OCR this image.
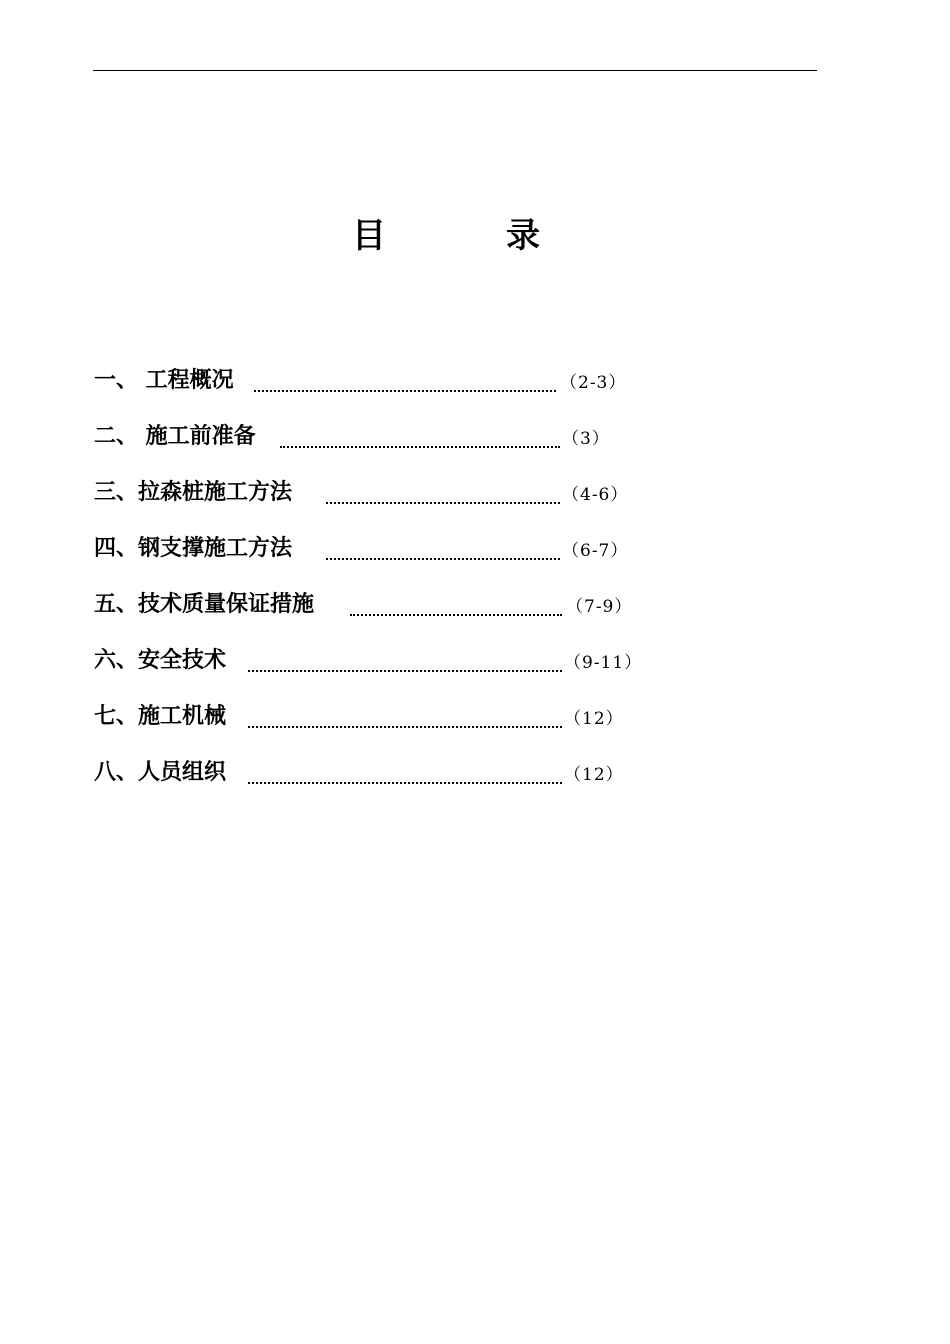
目	录
一、 工程概况	（2-3）
二、 施工前准备	（3）
三、拉森桩施工方法	（4-6）
四、钢支撑施工方法	（6-7）
五、技术质量保证措施	（7-9）
六、安全技术	（9-11）
七、施工机械	（12）
八、人员组织	（12）
